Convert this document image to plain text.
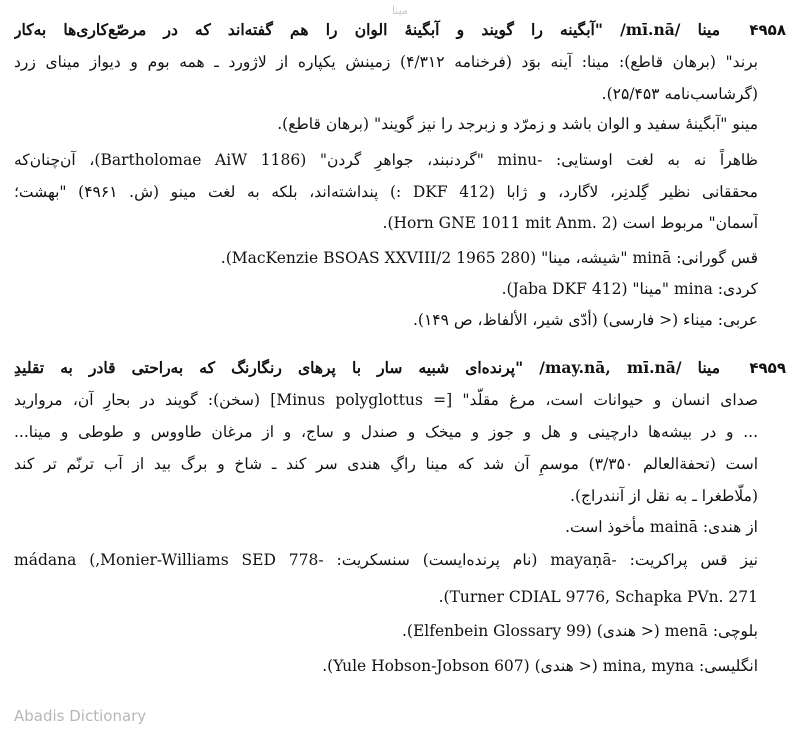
مینا
۴۹۵۸
مینا /mī.nā/ "آبگینه را گویند و آبگینهٔ الوان را هم گفته‌اند که در مرصّع‌کاری‌ها به‌کار
برند" (برهان قاطع): مینا: آینه بوَد (فرخنامه ۴/۳۱۲) زمینش یکپاره از لاژورد ـ همه بوم و دیواز مینای زرد
(گرشاسب‌نامه ۲۵/۴۵۳).
مینو "آبگینهٔ سفید و الوان باشد و زمرّد و زبرجد را نیز گویند" (برهان قاطع).
ظاهراً نه به لغت اوستایی: -minu "گردنبند، جواهرِ گردن" (Bartholomae AiW 1186)، آن‌چنان‌که
محققانی نظیر گِلدنِر، لاگارد، و ژابا (DKF 412 :) پنداشته‌اند، بلکه به لغت مینو (ش. ۴۹۶۱) "بهشت؛
آسمان" مربوط است (Horn GNE 1011 mit Anm. 2).
قس گورانی: minā "شیشه، مینا" (MacKenzie BSOAS XXVIII/2 1965 280).
کردی: mina "مینا" (Jaba DKF 412).
عربی: میناء (< فارسی) (أدّی شیر، الألفاظ، ص ۱۴۹).
۴۹۵۹
مینا /may.nā, mī.nā/ "پرنده‌ای شبیه سار با پرهای رنگارنگ که به‌راحتی قادر به تقلیدِ
صدای انسان و حیوانات است، مرغ مقلّد" [= Minus polyglottus] (سخن): گویند در بحارِ آن، مروارید
... و در بیشه‌ها دارچینی و هل و جوز و میخک و صندل و ساج، و از مرغان طاووس و طوطی و مینا...
است (تحفة‌العالم ۳/۳۵۰) موسمِ آن شد که مینا راگِ هندی سر کند ـ شاخ و برگ بید از آب ترنّم تر کند
(ملّاطغرا ـ به نقل از آنندراج).
از هندی: mainā مأخوذ است.
نیز قس پراکریت: -mayaṇā (نام پرنده‌ایست) سنسکریت: -mádana (,Monier-Williams SED 778
Turner CDIAL 9776, Schapka PVn. 271).
بلوچی: menā (< هندی) (Elfenbein Glossary 99).
انگلیسی: mina, myna (< هندی) (Yule Hobson-Jobson 607).
Abadis Dictionary
